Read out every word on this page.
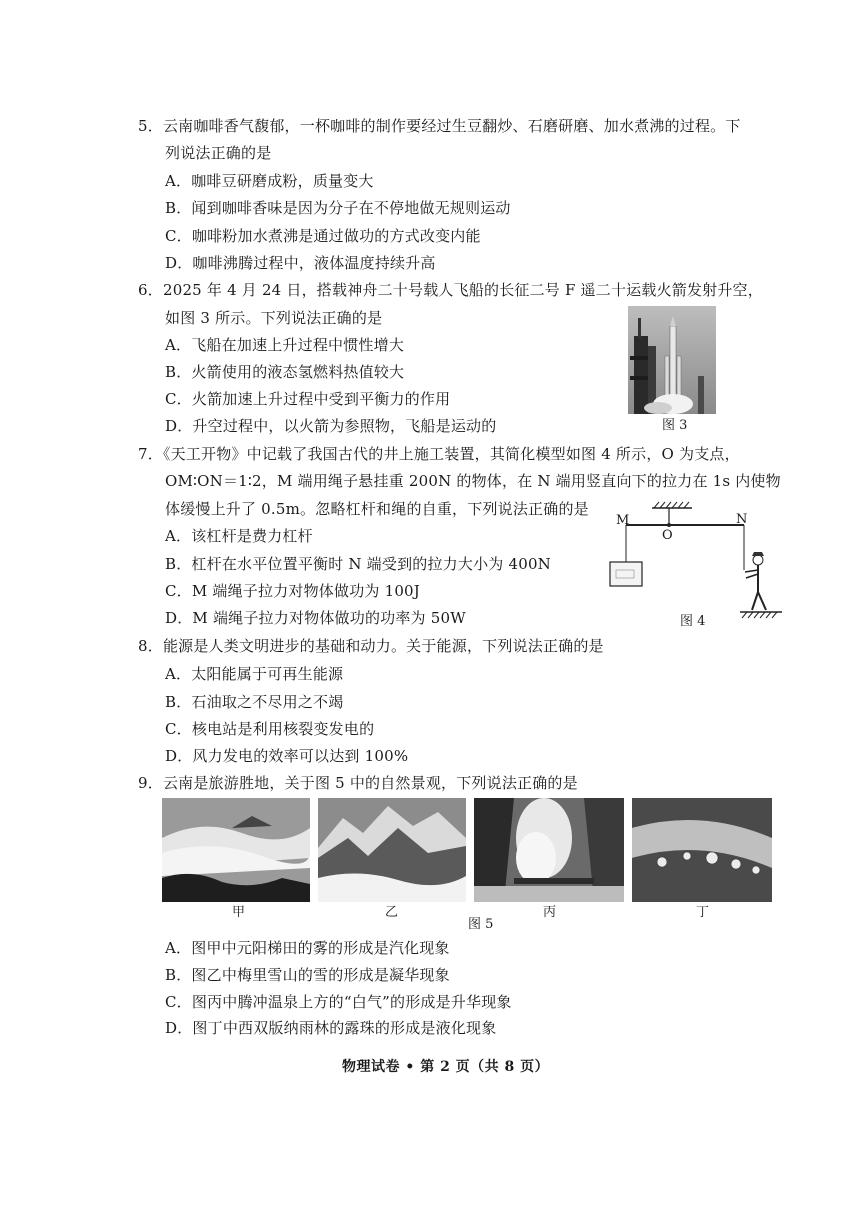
5．云南咖啡香气馥郁，一杯咖啡的制作要经过生豆翻炒、石磨研磨、加水煮沸的过程。下
列说法正确的是
A．咖啡豆研磨成粉，质量变大
B．闻到咖啡香味是因为分子在不停地做无规则运动
C．咖啡粉加水煮沸是通过做功的方式改变内能
D．咖啡沸腾过程中，液体温度持续升高
6．2025 年 4 月 24 日，搭载神舟二十号载人飞船的长征二号 F 遥二十运载火箭发射升空，
如图 3 所示。下列说法正确的是
A．飞船在加速上升过程中惯性增大
B．火箭使用的液态氢燃料热值较大
C．火箭加速上升过程中受到平衡力的作用
D．升空过程中，以火箭为参照物，飞船是运动的	图 3
7．《天工开物》中记载了我国古代的井上施工装置，其简化模型如图 4 所示，O 为支点，
OM∶ON＝1∶2，M 端用绳子悬挂重 200N 的物体，在 N 端用竖直向下的拉力在 1s 内使物
体缓慢上升了 0.5m。忽略杠杆和绳的自重，下列说法正确的是
A．该杠杆是费力杠杆
B．杠杆在水平位置平衡时 N 端受到的拉力大小为 400N
C．M 端绳子拉力对物体做功为 100J
D．M 端绳子拉力对物体做功的功率为 50W
M
O
N
图 4
8．能源是人类文明进步的基础和动力。关于能源，下列说法正确的是
A．太阳能属于可再生能源
B．石油取之不尽用之不竭
C．核电站是利用核裂变发电的
D．风力发电的效率可以达到 100%
9．云南是旅游胜地，关于图 5 中的自然景观，下列说法正确的是
甲	乙	丙	丁
图 5
A．图甲中元阳梯田的雾的形成是汽化现象
B．图乙中梅里雪山的雪的形成是凝华现象
C．图丙中腾冲温泉上方的“白气”的形成是升华现象
D．图丁中西双版纳雨林的露珠的形成是液化现象
物理试卷 • 第 2 页（共 8 页）
